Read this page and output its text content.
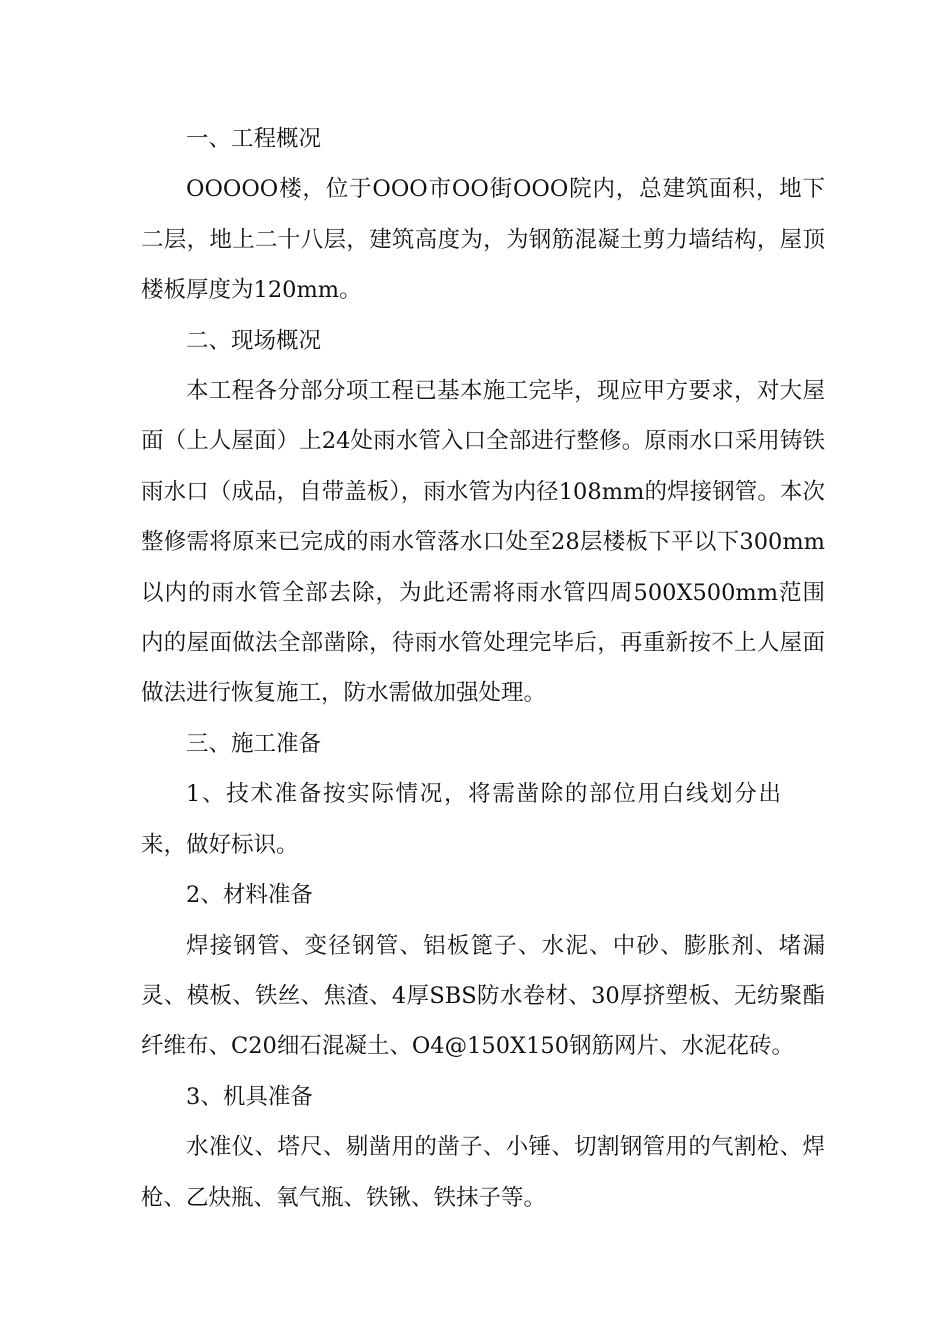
一、工程概况

OOOOO楼，位于OOO市OO街OOO院内，总建筑面积，地下二层，地上二十八层，建筑高度为，为钢筋混凝土剪力墙结构，屋顶楼板厚度为120mm。

二、现场概况

本工程各分部分项工程已基本施工完毕，现应甲方要求，对大屋面（上人屋面）上24处雨水管入口全部进行整修。原雨水口采用铸铁雨水口（成品，自带盖板），雨水管为内径108mm的焊接钢管。本次整修需将原来已完成的雨水管落水口处至28层楼板下平以下300mm以内的雨水管全部去除，为此还需将雨水管四周500X500mm范围内的屋面做法全部凿除，待雨水管处理完毕后，再重新按不上人屋面做法进行恢复施工，防水需做加强处理。

三、施工准备

1、技术准备按实际情况，将需凿除的部位用白线划分出来，做好标识。

2、材料准备

焊接钢管、变径钢管、铝板篦子、水泥、中砂、膨胀剂、堵漏灵、模板、铁丝、焦渣、4厚SBS防水卷材、30厚挤塑板、无纺聚酯纤维布、C20细石混凝土、O4@150X150钢筋网片、水泥花砖。

3、机具准备

水准仪、塔尺、剔凿用的凿子、小锤、切割钢管用的气割枪、焊枪、乙炔瓶、氧气瓶、铁锹、铁抹子等。
